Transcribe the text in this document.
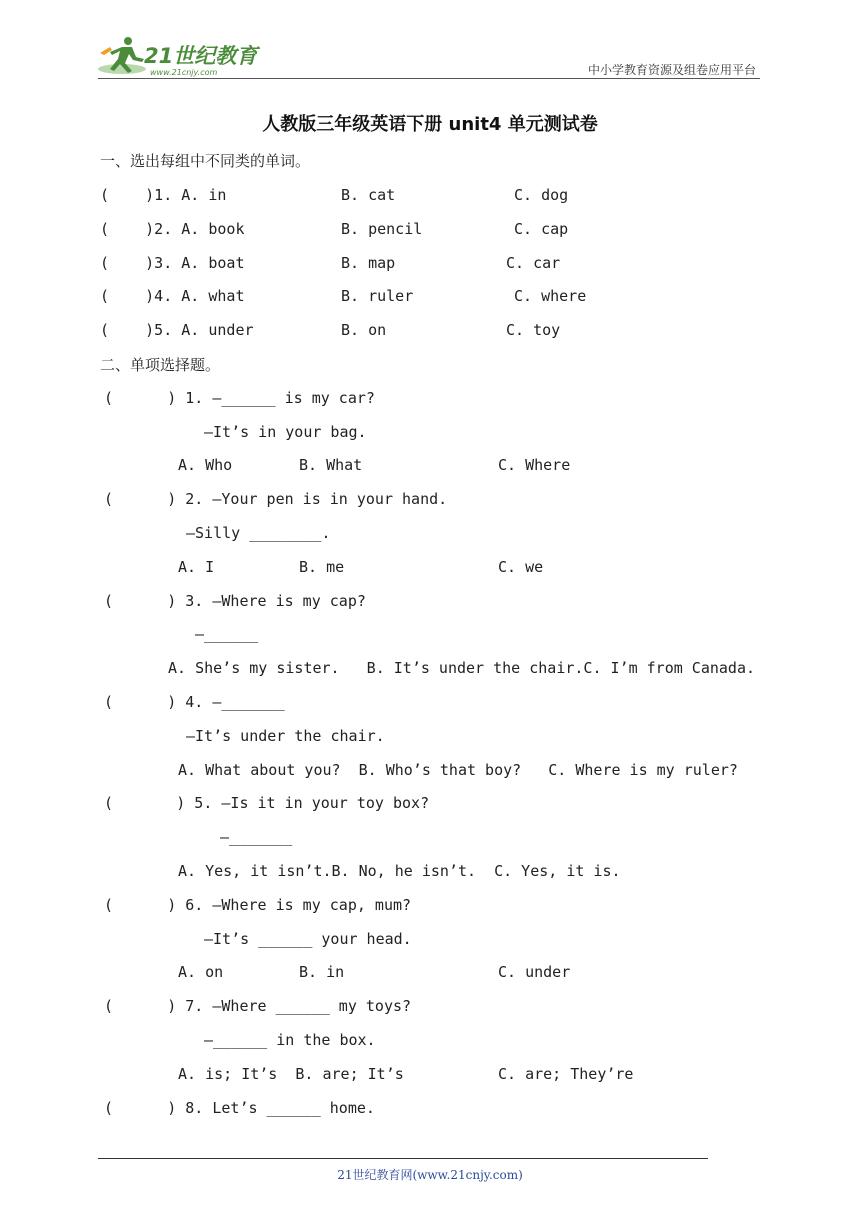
21世纪教育
www.21cnjy.com	中小学教育资源及组卷应用平台
人教版三年级英语下册 unit4 单元测试卷
一、选出每组中不同类的单词。
(    )1. A. in	B. cat	C. dog
(    )2. A. book	B. pencil	C. cap
(    )3. A. boat	B. map	C. car
(    )4. A. what	B. ruler	C. where
(    )5. A. under	B. on	C. toy
二、单项选择题。
(      ) 1. —______ is my car?
—It’s in your bag.
A. Who	B. What	C. Where
(      ) 2. —Your pen is in your hand.
—Silly ________.
A. I	B. me	C. we
(      ) 3. —Where is my cap?
—______
A. She’s my sister.   B. It’s under the chair.C. I’m from Canada.
(      ) 4. —_______
—It’s under the chair.
A. What about you?  B. Who’s that boy?   C. Where is my ruler?
(       ) 5. —Is it in your toy box?
—_______
A. Yes, it isn’t.B. No, he isn’t.  C. Yes, it is.
(      ) 6. —Where is my cap, mum?
—It’s ______ your head.
A. on	B. in	C. under
(      ) 7. —Where ______ my toys?
—______ in the box.
A. is; It’s  B. are; It’s	C. are; They’re
(      ) 8. Let’s ______ home.
21世纪教育网(www.21cnjy.com)
